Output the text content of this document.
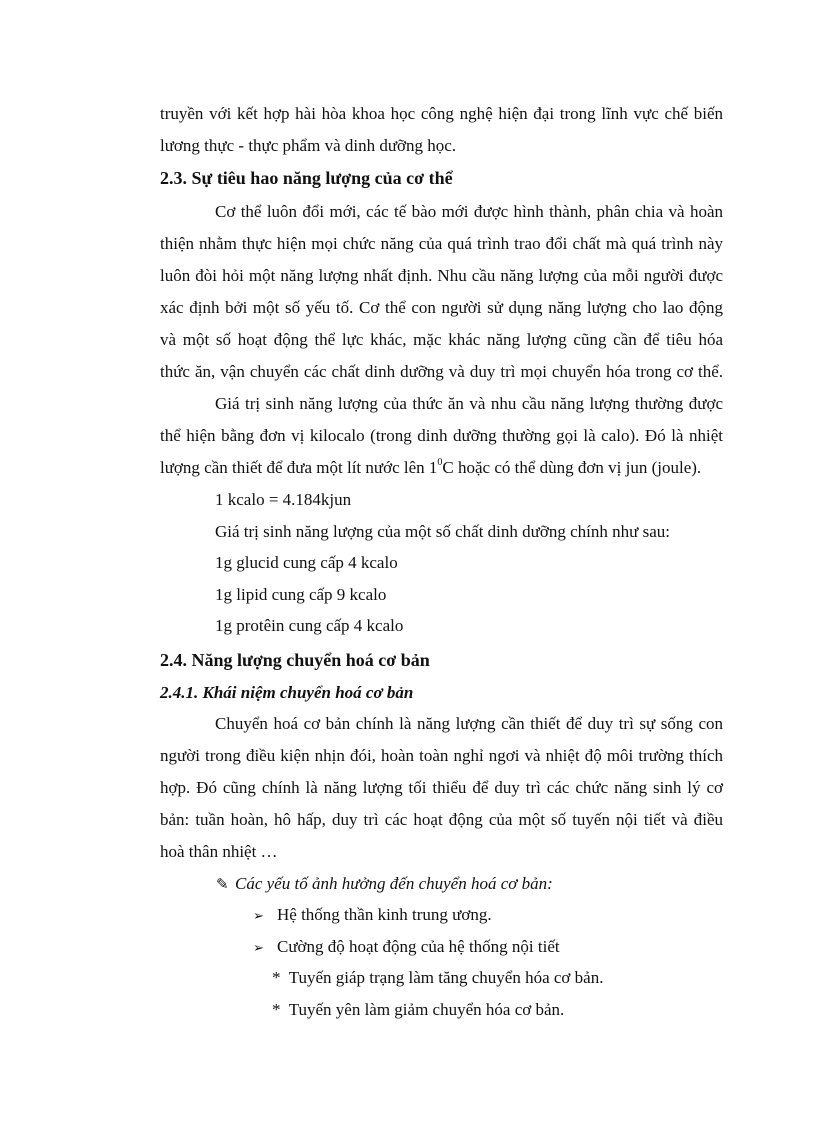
truyền với kết hợp hài hòa khoa học công nghệ hiện đại trong lĩnh vực chế biến
lương thực - thực phẩm và dinh dưỡng học.
2.3. Sự tiêu hao năng lượng của cơ thể
Cơ thể luôn đổi mới, các tế bào mới được hình thành, phân chia và hoàn
thiện nhằm thực hiện mọi chức năng của quá trình trao đổi chất mà quá trình này
luôn đòi hỏi một năng lượng nhất định. Nhu cầu năng lượng của mỗi người được
xác định bởi một số yếu tố. Cơ thể con người sử dụng năng lượng cho lao động
và một số hoạt động thể lực khác, mặc khác năng lượng cũng cần để tiêu hóa
thức ăn, vận chuyển các chất dinh dưỡng và duy trì mọi chuyển hóa trong cơ thể.
Giá trị sinh năng lượng của thức ăn và nhu cầu năng lượng thường được
thể hiện bằng đơn vị kilocalo (trong dinh dưỡng thường gọi là calo). Đó là nhiệt
lượng cần thiết để đưa một lít nước lên $1^0C$ hoặc có thể dùng đơn vị jun (joule).
1 kcalo = 4.184kjun
Giá trị sinh năng lượng của một số chất dinh dưỡng chính như sau:
1g glucid cung cấp 4 kcalo
1g lipid cung cấp 9 kcalo
1g protêin cung cấp 4 kcalo
2.4. Năng lượng chuyển hoá cơ bản
2.4.1. Khái niệm chuyển hoá cơ bản
Chuyển hoá cơ bản chính là năng lượng cần thiết để duy trì sự sống con
người trong điều kiện nhịn đói, hoàn toàn nghỉ ngơi và nhiệt độ môi trường thích
hợp. Đó cũng chính là năng lượng tối thiểu để duy trì các chức năng sinh lý cơ
bản: tuần hoàn, hô hấp, duy trì các hoạt động của một số tuyến nội tiết và điều
hoà thân nhiệt …
✎ Các yếu tố ảnh hưởng đến chuyển hoá cơ bản:
➢ Hệ thống thần kinh trung ương.
➢ Cường độ hoạt động của hệ thống nội tiết
*  Tuyến giáp trạng làm tăng chuyển hóa cơ bản.
*  Tuyến yên làm giảm chuyển hóa cơ bản.
